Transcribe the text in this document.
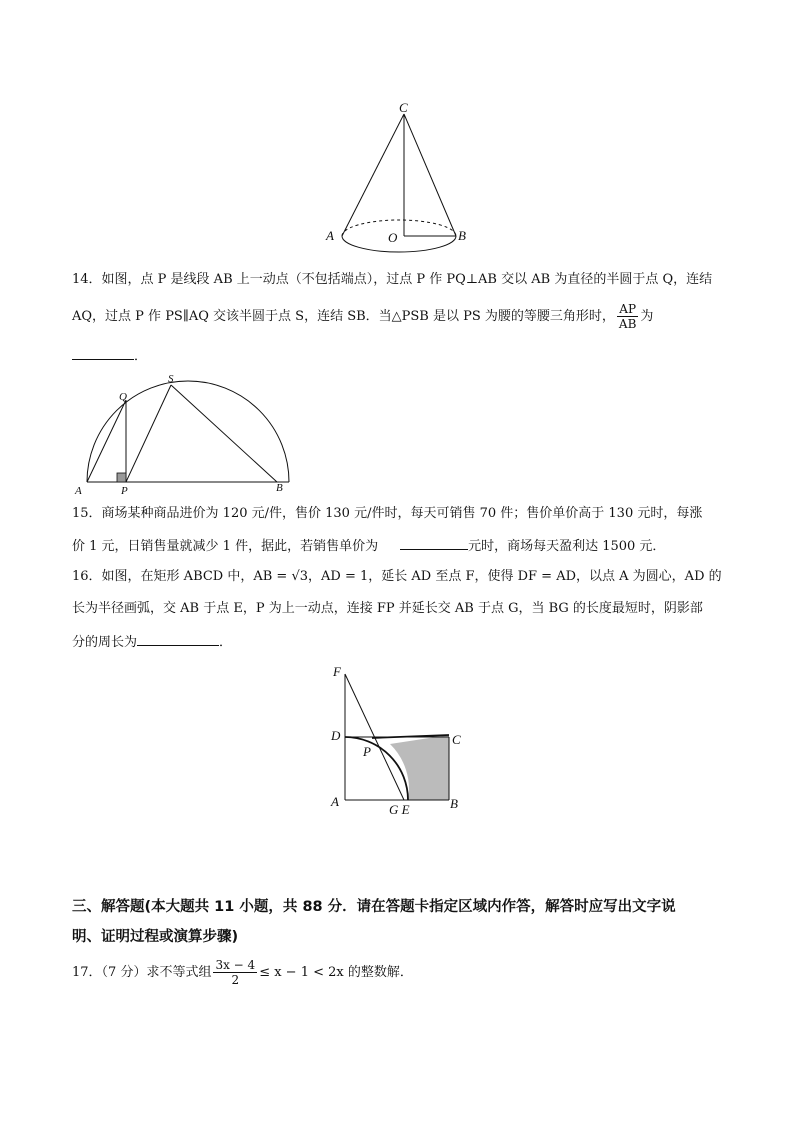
C
A	O	B
14．如图，点 P 是线段 AB 上一动点（不包括端点），过点 P 作 PQ⊥AB 交以 AB 为直径的半圆于点 Q，连结
AQ，过点 P 作 PS∥AQ 交该半圆于点 S，连结 SB．当△PSB 是以 PS 为腰的等腰三角形时， $\frac{AP}{AB}$ 为
．
Q
S
A	P	B
15．商场某种商品进价为 120 元/件，售价 130 元/件时，每天可销售 70 件；售价单价高于 130 元时，每涨
价 1 元，日销售量就减少 1 件，据此，若销售单价为	元时，商场每天盈利达 1500 元．
16．如图，在矩形 ABCD 中，AB = √3，AD = 1，延长 AD 至点 F，使得 DF = AD，以点 A 为圆心，AD 的
长为半径画弧，交 AB 于点 E，P 为上一动点，连接 FP 并延长交 AB 于点 G，当 BG 的长度最短时，阴影部
分的周长为	．
F
D	C
P
A
G E	B
三、解答题(本大题共 11 小题，共 88 分．请在答题卡指定区域内作答，解答时应写出文字说
明、证明过程或演算步骤)
17．（7 分）求不等式组 $\frac{3x - 4}{2} \le x - 1 < 2x$ 的整数解．
